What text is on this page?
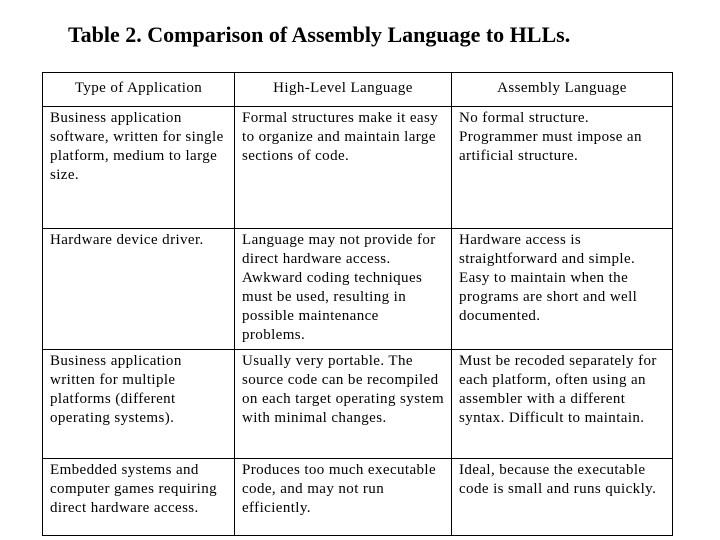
Table 2. Comparison of Assembly Language to HLLs.
Type of Application	High-Level Language	Assembly Language
Business application software, written for single platform, medium to large size.	Formal structures make it easy to organize and maintain large sections of code.	No formal structure. Programmer must impose an artificial structure.
Hardware device driver.	Language may not provide for direct hardware access. Awkward coding techniques must be used, resulting in possible maintenance problems.	Hardware access is straightforward and simple. Easy to maintain when the programs are short and well documented.
Business application written for multiple platforms (different operating systems).	Usually very portable. The source code can be recompiled on each target operating system with minimal changes.	Must be recoded separately for each platform, often using an assembler with a different syntax. Difficult to maintain.
Embedded systems and computer games requiring direct hardware access.	Produces too much executable code, and may not run efficiently.	Ideal, because the executable code is small and runs quickly.
